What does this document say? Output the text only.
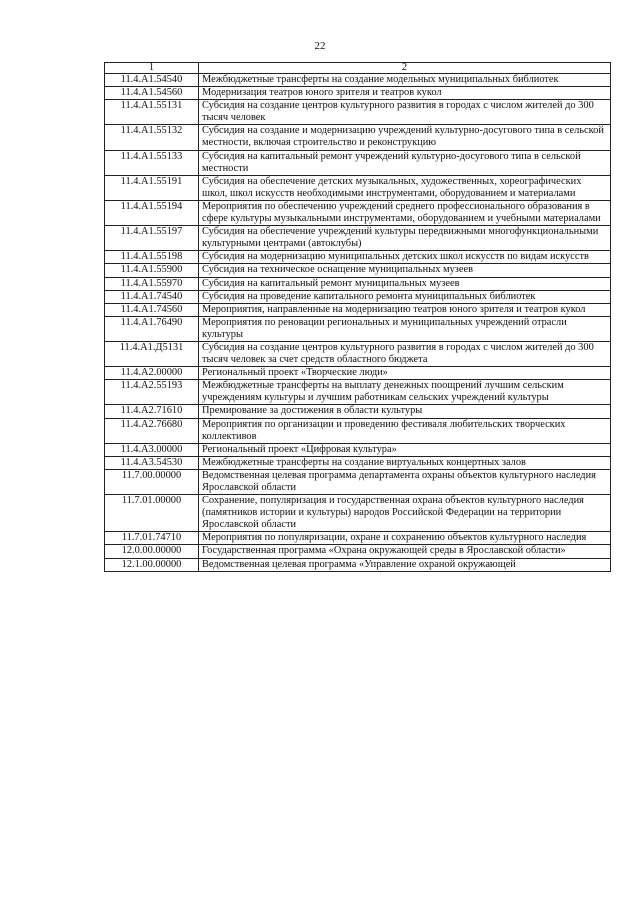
22
1	2
11.4.A1.54540	Межбюджетные трансферты на создание модельных муниципальных библиотек
11.4.A1.54560	Модернизация театров юного зрителя и театров кукол
11.4.A1.55131	Субсидия на создание центров культурного развития в городах с числом жителей до 300 тысяч человек
11.4.A1.55132	Субсидия на создание и модернизацию учреждений культурно-досугового типа в сельской местности, включая строительство и реконструкцию
11.4.A1.55133	Субсидия на капитальный ремонт учреждений культурно-досугового типа в сельской местности
11.4.A1.55191	Субсидия на обеспечение детских музыкальных, художественных, хореографических школ, школ искусств необходимыми инструментами, оборудованием и материалами
11.4.A1.55194	Мероприятия по обеспечению учреждений среднего профессионального образования в сфере культуры музыкальными инструментами, оборудованием и учебными материалами
11.4.A1.55197	Субсидия на обеспечение учреждений культуры передвижными многофункциональными культурными центрами (автоклубы)
11.4.A1.55198	Субсидия на модернизацию муниципальных детских школ искусств по видам искусств
11.4.A1.55900	Субсидия на техническое оснащение муниципальных музеев
11.4.A1.55970	Субсидия на капитальный ремонт муниципальных музеев
11.4.A1.74540	Субсидия на проведение капитального ремонта муниципальных библиотек
11.4.A1.74560	Мероприятия, направленные на модернизацию театров юного зрителя и театров кукол
11.4.A1.76490	Мероприятия по реновации региональных и муниципальных учреждений отрасли культуры
11.4.A1.Д5131	Субсидия на создание центров культурного развития в городах с числом жителей до 300 тысяч человек за счет средств областного бюджета
11.4.A2.00000	Региональный проект «Творческие люди»
11.4.A2.55193	Межбюджетные трансферты на выплату денежных поощрений лучшим сельским учреждениям культуры и лучшим работникам сельских учреждений культуры
11.4.A2.71610	Премирование за достижения в области культуры
11.4.A2.76680	Мероприятия по организации и проведению фестиваля любительских творческих коллективов
11.4.A3.00000	Региональный проект «Цифровая культура»
11.4.A3.54530	Межбюджетные трансферты на создание виртуальных концертных залов
11.7.00.00000	Ведомственная целевая программа департамента охраны объектов культурного наследия Ярославской области
11.7.01.00000	Сохранение, популяризация и государственная охрана объектов культурного наследия (памятников истории и культуры) народов Российской Федерации на территории Ярославской области
11.7.01.74710	Мероприятия по популяризации, охране и сохранению объектов культурного наследия
12.0.00.00000	Государственная программа «Охрана окружающей среды в Ярославской области»
12.1.00.00000	Ведомственная целевая программа «Управление охраной окружающей
